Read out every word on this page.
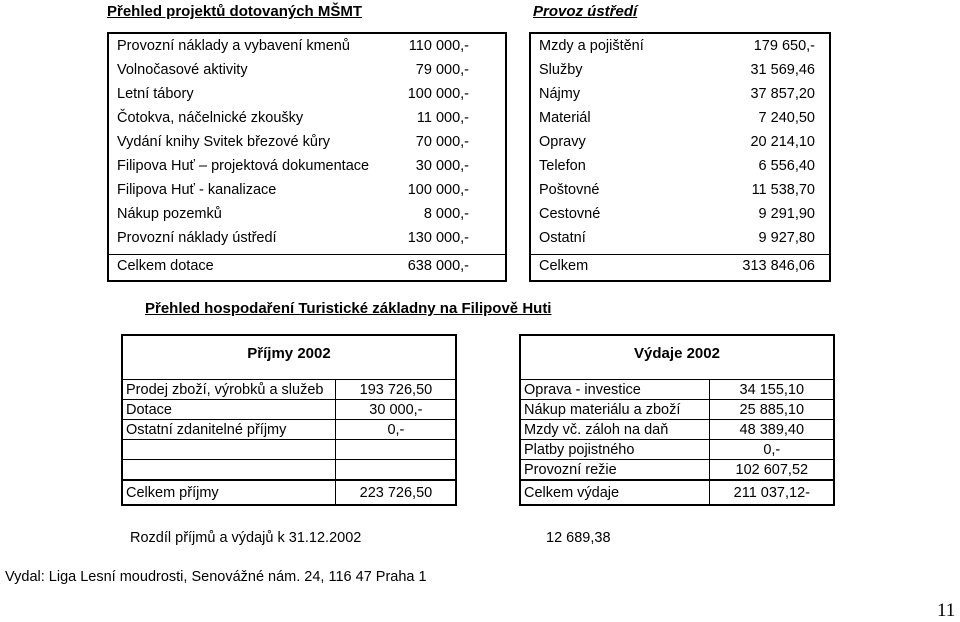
Přehled projektů dotovaných MŠMT
Provozní náklady a vybavení kmenů	110 000,-
Volnočasové aktivity	79 000,-
Letní tábory	100 000,-
Čotokva, náčelnické zkoušky	11 000,-
Vydání knihy Svitek březové kůry	70 000,-
Filipova Huť – projektová dokumentace	30 000,-
Filipova Huť - kanalizace	100 000,-
Nákup pozemků	8 000,-
Provozní náklady ústředí	130 000,-
Celkem dotace	638 000,-
Provoz ústředí
Mzdy a pojištění	179 650,-
Služby	31 569,46
Nájmy	37 857,20
Materiál	7 240,50
Opravy	20 214,10
Telefon	6 556,40
Poštovné	11 538,70
Cestovné	9 291,90
Ostatní	9 927,80
Celkem	313 846,06
Přehled hospodaření Turistické základny na Filipově Huti
Příjmy 2002
Prodej zboží, výrobků a služeb	193 726,50
Dotace	30 000,-
Ostatní zdanitelné příjmy	0,-

Celkem příjmy	223 726,50
Výdaje 2002
Oprava - investice	34 155,10
Nákup materiálu a zboží	25 885,10
Mzdy vč. záloh na daň	48 389,40
Platby pojistného	0,-
Provozní režie	102 607,52
Celkem výdaje	211 037,12-
Rozdíl příjmů a výdajů k 31.12.2002	12 689,38
Vydal: Liga Lesní moudrosti, Senovážné nám. 24, 116 47 Praha 1
11
